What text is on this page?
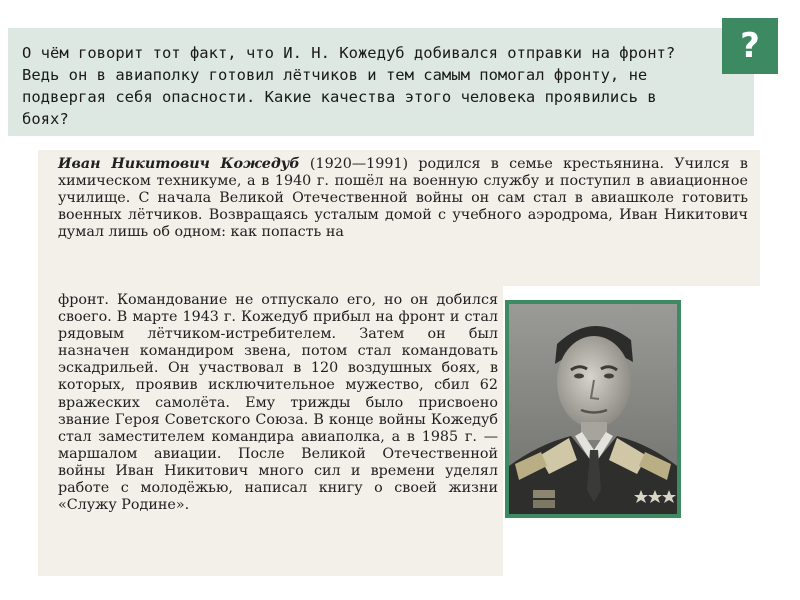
О чём говорит тот факт, что И. Н. Кожедуб добивался отправки на фронт? Ведь он в авиаполку готовил лётчиков и тем самым помогал фронту, не подвергая себя опасности. Какие качества этого человека проявились в боях?

?

Иван Никитович Кожедуб (1920—1991) родился в семье крестьянина. Учился в химическом техникуме, а в 1940 г. пошёл на военную службу и поступил в авиационное училище. С начала Великой Отечественной войны он сам стал в авиашколе готовить военных лётчиков. Возвращаясь усталым домой с учебного аэродрома, Иван Никитович думал лишь об одном: как попасть на

фронт. Командование не отпускало его, но он добился своего. В марте 1943 г. Кожедуб прибыл на фронт и стал рядовым лётчиком-истребителем. Затем он был назначен командиром звена, потом стал командовать эскадрильей. Он участвовал в 120 воздушных боях, в которых, проявив исключительное мужество, сбил 62 вражеских самолёта. Ему трижды было присвоено звание Героя Советского Союза. В конце войны Кожедуб стал заместителем командира авиаполка, а в 1985 г. — маршалом авиации. После Великой Отечественной войны Иван Никитович много сил и времени уделял работе с молодёжью, написал книгу о своей жизни «Служу Родине».
